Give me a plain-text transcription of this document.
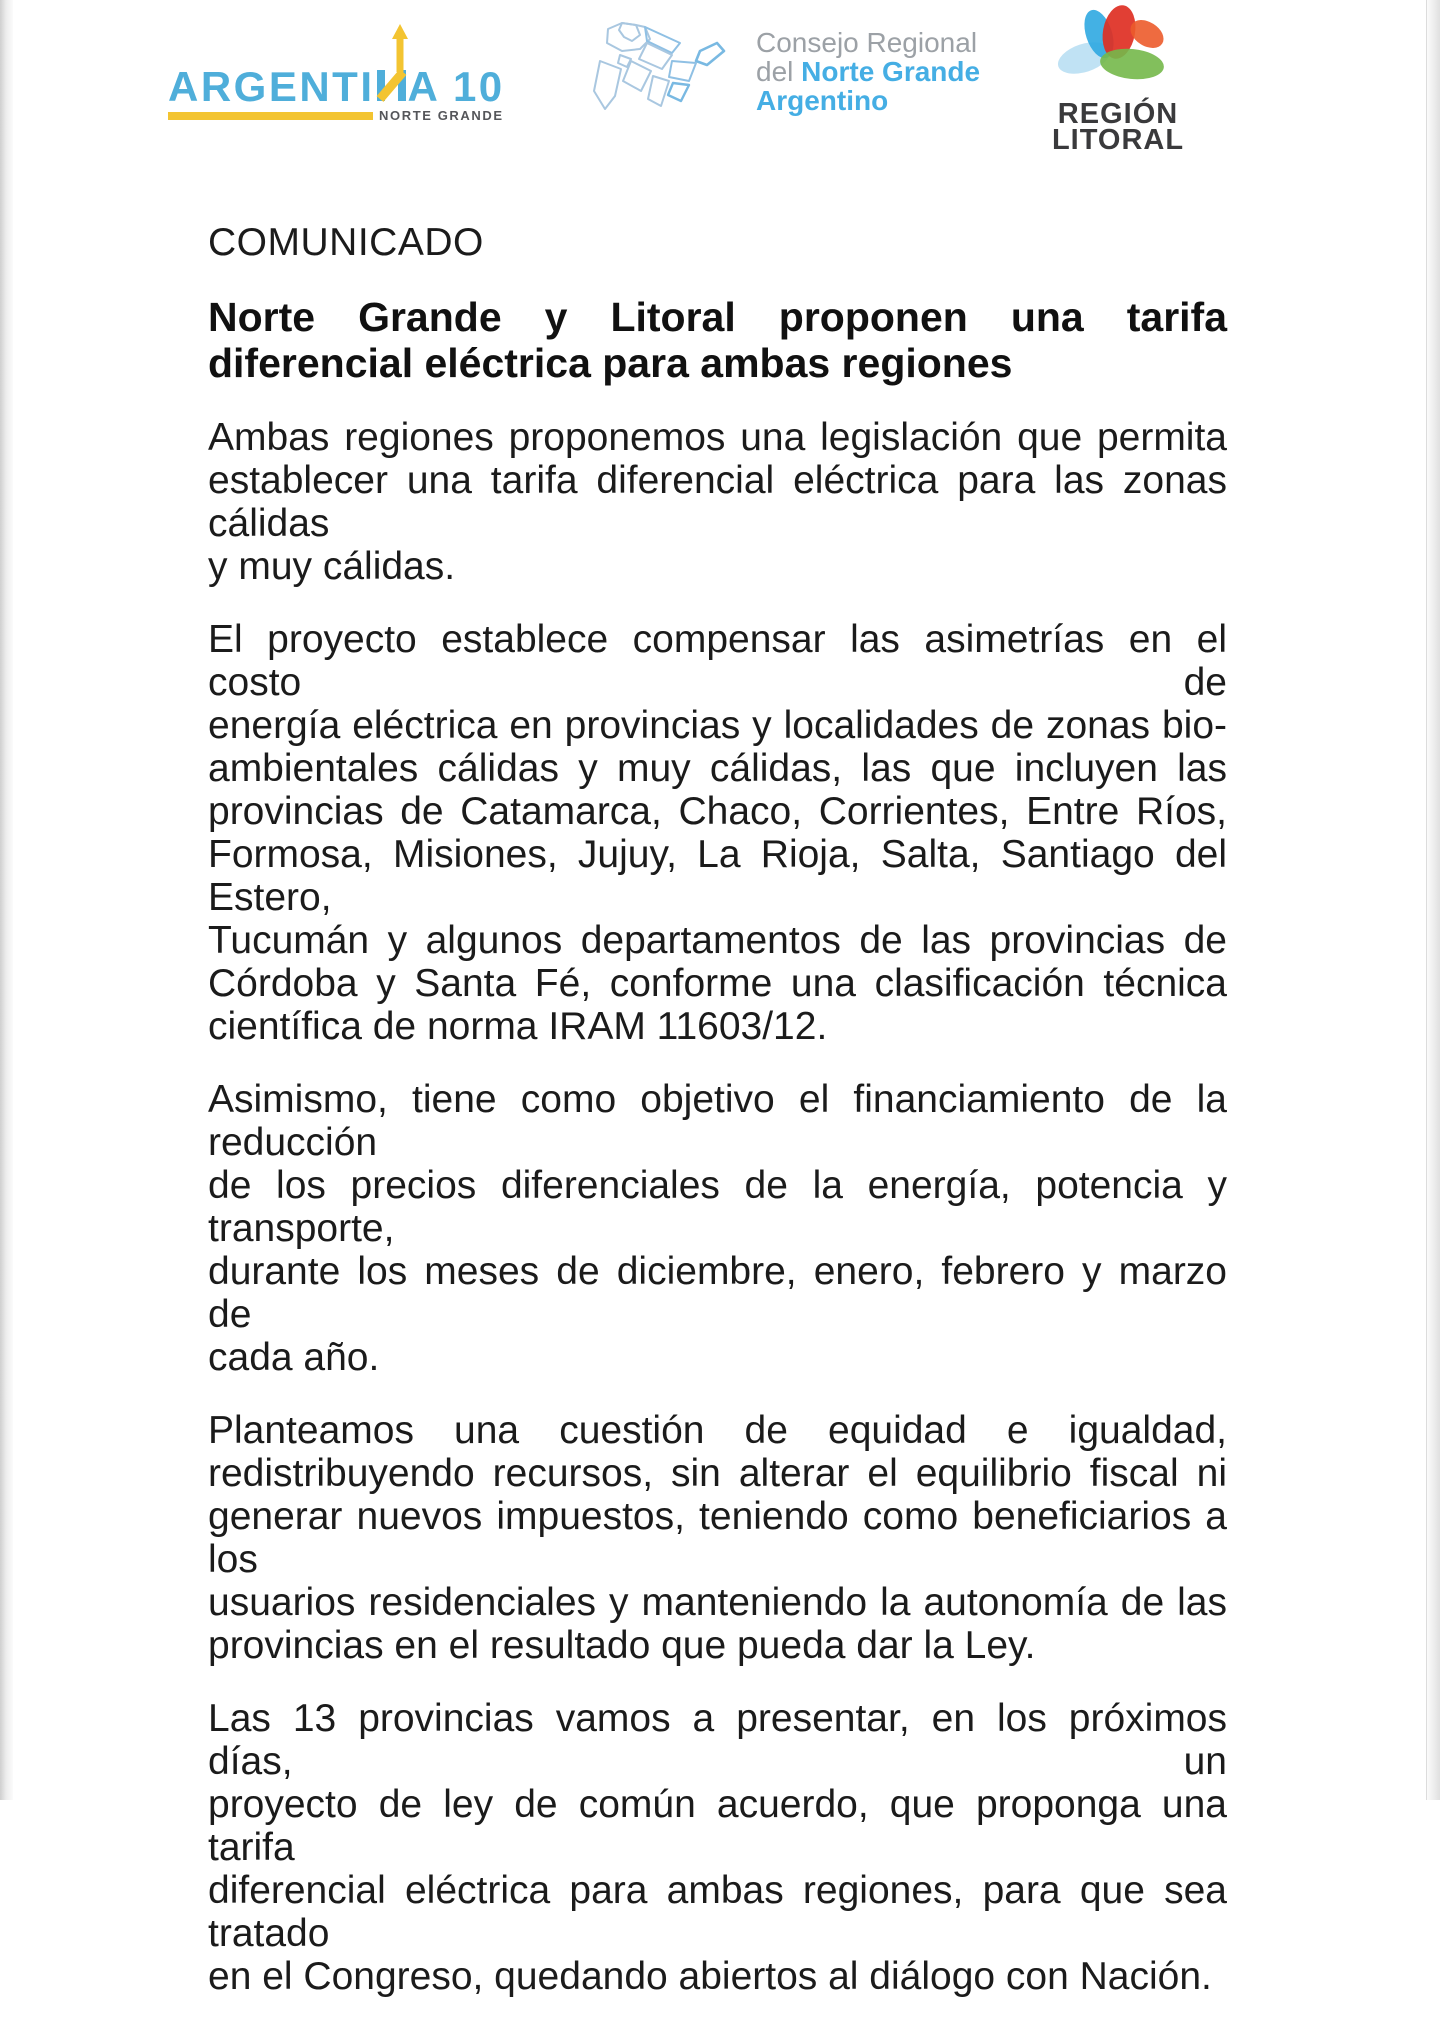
ARGENTI A 10
NORTE GRANDE
Consejo Regional
del Norte Grande
Argentino	REGIÓN
LITORAL
COMUNICADO
Norte Grande y Litoral proponen una tarifa
diferencial eléctrica para ambas regiones
Ambas regiones proponemos una legislación que permita
establecer una tarifa diferencial eléctrica para las zonas cálidas
y muy cálidas.
El proyecto establece compensar las asimetrías en el costo de
energía eléctrica en provincias y localidades de zonas bio-
ambientales cálidas y muy cálidas, las que incluyen las
provincias de Catamarca, Chaco, Corrientes, Entre Ríos,
Formosa, Misiones, Jujuy, La Rioja, Salta, Santiago del Estero,
Tucumán y algunos departamentos de las provincias de
Córdoba y Santa Fé, conforme una clasificación técnica
científica de norma IRAM 11603/12.
Asimismo, tiene como objetivo el financiamiento de la reducción
de los precios diferenciales de la energía, potencia y transporte,
durante los meses de diciembre, enero, febrero y marzo de
cada año.
Planteamos una cuestión de equidad e igualdad,
redistribuyendo recursos, sin alterar el equilibrio fiscal ni
generar nuevos impuestos, teniendo como beneficiarios a los
usuarios residenciales y manteniendo la autonomía de las
provincias en el resultado que pueda dar la Ley.
Las 13 provincias vamos a presentar, en los próximos días, un
proyecto de ley de común acuerdo, que proponga una tarifa
diferencial eléctrica para ambas regiones, para que sea tratado
en el Congreso, quedando abiertos al diálogo con Nación.
